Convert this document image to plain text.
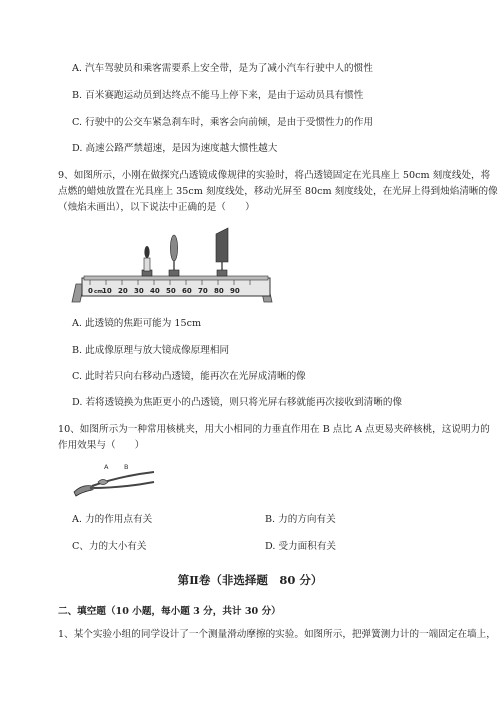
A. 汽车驾驶员和乘客需要系上安全带，是为了减小汽车行驶中人的惯性
B. 百米赛跑运动员到达终点不能马上停下来，是由于运动员具有惯性
C. 行驶中的公交车紧急刹车时，乘客会向前倾，是由于受惯性力的作用
D. 高速公路严禁超速，是因为速度越大惯性越大
9、如图所示，小刚在做探究凸透镜成像规律的实验时，将凸透镜固定在光具座上 50cm 刻度线处，将
点燃的蜡烛放置在光具座上 35cm 刻度线处，移动光屏至 80cm 刻度线处，在光屏上得到烛焰清晰的像
（烛焰未画出），以下说法中正确的是（　　）
0 cm 10 20 30 40 50 60 70 80 90
A. 此透镜的焦距可能为 15cm
B. 此成像原理与放大镜成像原理相同
C. 此时若只向右移动凸透镜，能再次在光屏成清晰的像
D. 若将透镜换为焦距更小的凸透镜，则只将光屏右移就能再次接收到清晰的像
10、如图所示为一种常用核桃夹，用大小相同的力垂直作用在 B 点比 A 点更易夹碎核桃，这说明力的
作用效果与（　　）
A B
A. 力的作用点有关	B. 力的方向有关
C、力的大小有关	D. 受力面积有关
第Ⅱ卷（非选择题　80 分）
二、填空题（10 小题，每小题 3 分，共计 30 分）
1、某个实验小组的同学设计了一个测量滑动摩擦的实验。如图所示，把弹簧测力计的一端固定在墙上，
